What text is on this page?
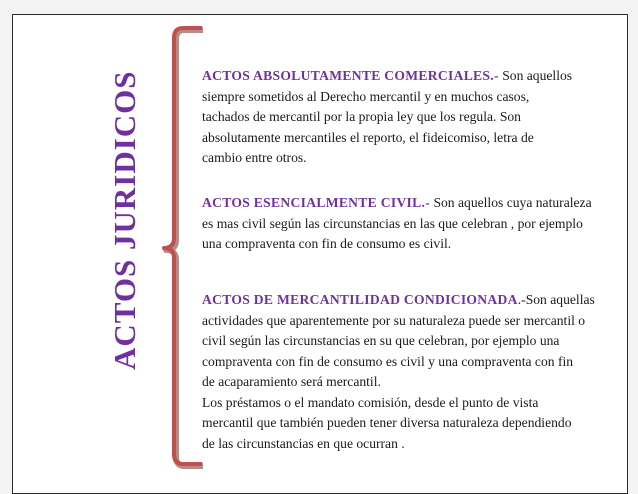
ACTOS JURIDICOS	ACTOS ABSOLUTAMENTE COMERCIALES.- Son aquellos
siempre sometidos al Derecho mercantil y en muchos casos,
tachados de mercantil por la propia ley que los regula. Son
absolutamente mercantiles el reporto, el fideicomiso, letra de
cambio entre otros.
ACTOS ESENCIALMENTE CIVIL.- Son aquellos cuya naturaleza
es mas civil según las circunstancias en las que celebran , por ejemplo
una compraventa con fin de consumo es civil.
ACTOS DE MERCANTILIDAD CONDICIONADA.-Son aquellas
actividades que aparentemente por su naturaleza puede ser mercantil o
civil según las circunstancias en su que celebran, por ejemplo una
compraventa con fin de consumo es civil y una compraventa con fin
de acaparamiento será mercantil.
Los préstamos o el mandato comisión, desde el punto de vista
mercantil que también pueden tener diversa naturaleza dependiendo
de las circunstancias en que ocurran .
